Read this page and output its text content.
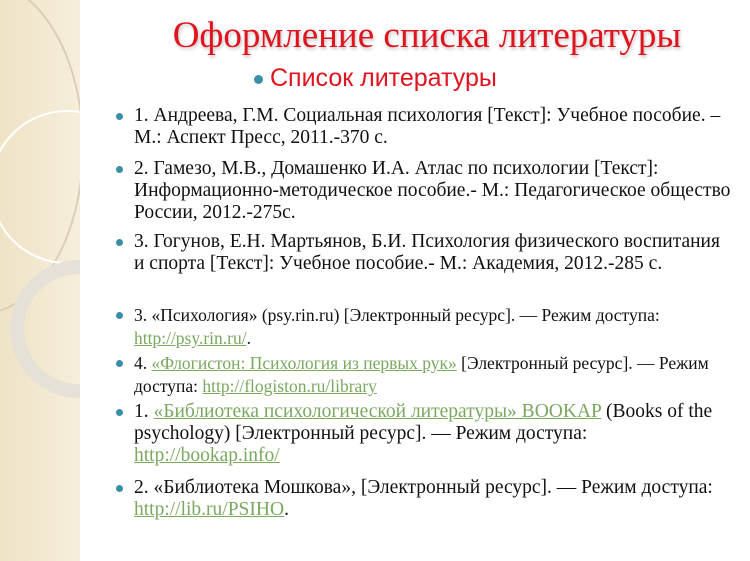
Оформление списка литературы
Список литературы
1. Андреева, Г.М. Социальная психология [Текст]: Учебное пособие. – М.: Аспект Пресс, 2011.-370 с.
2. Гамезо, М.В., Домашенко И.А. Атлас по психологии [Текст]: Информационно-методическое пособие.- М.: Педагогическое общество России, 2012.-275с.
3. Гогунов, Е.Н. Мартьянов, Б.И. Психология физического воспитания и спорта [Текст]: Учебное пособие.- М.: Академия, 2012.-285 с.
3. «Психология» (psy.rin.ru) [Электронный ресурс]. — Режим доступа: http://psy.rin.ru/.
4. «Флогистон: Психология из первых рук» [Электронный ресурс]. — Режим доступа: http://flogiston.ru/library
1. «Библиотека психологической литературы» BOOKAP (Books of the psychology) [Электронный ресурс]. — Режим доступа: http://bookap.info/
2. «Библиотека Мошкова», [Электронный ресурс]. — Режим доступа: http://lib.ru/PSIHO.
